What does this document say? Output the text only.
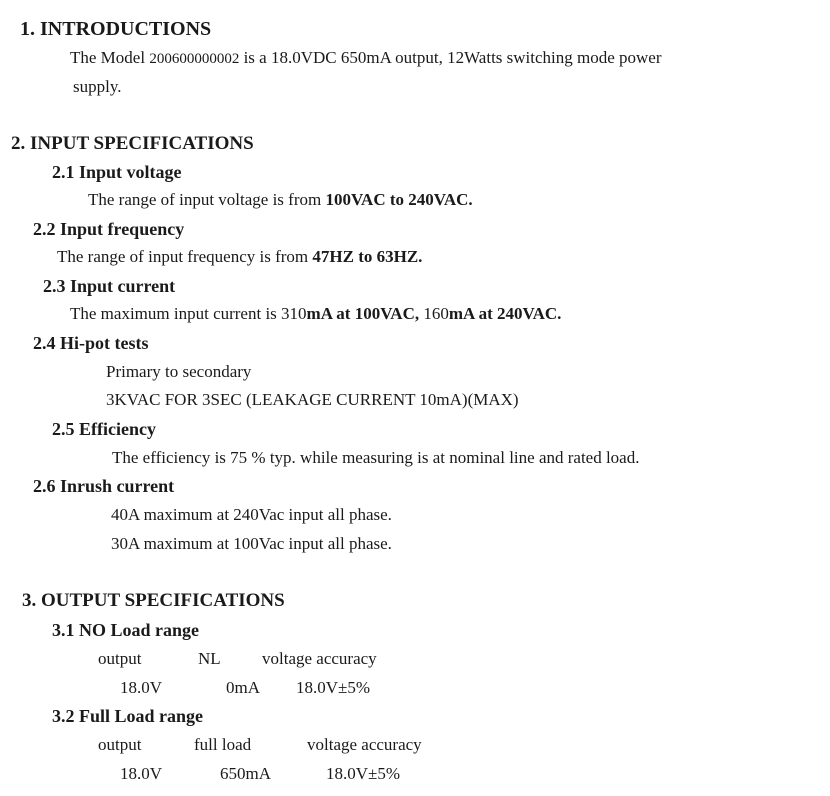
1. INTRODUCTIONS
The Model 200600000002 is a 18.0VDC 650mA output, 12Watts switching mode power
supply.
2. INPUT SPECIFICATIONS
2.1 Input voltage
The range of input voltage is from 100VAC to 240VAC.
2.2 Input frequency
The range of input frequency is from 47HZ to 63HZ.
2.3 Input current
The maximum input current is 310mA at 100VAC, 160mA at 240VAC.
2.4 Hi-pot tests
Primary to secondary
3KVAC FOR 3SEC (LEAKAGE CURRENT 10mA)(MAX)
2.5 Efficiency
The efficiency is 75 % typ. while measuring is at nominal line and rated load.
2.6 Inrush current
40A maximum at 240Vac input all phase.
30A maximum at 100Vac input all phase.
3. OUTPUT SPECIFICATIONS
3.1 NO Load range
output	NL voltage accuracy
18.0V	0mA 18.0V±5%
3.2 Full Load range
output	full load	voltage accuracy
18.0V	650mA	18.0V±5%
